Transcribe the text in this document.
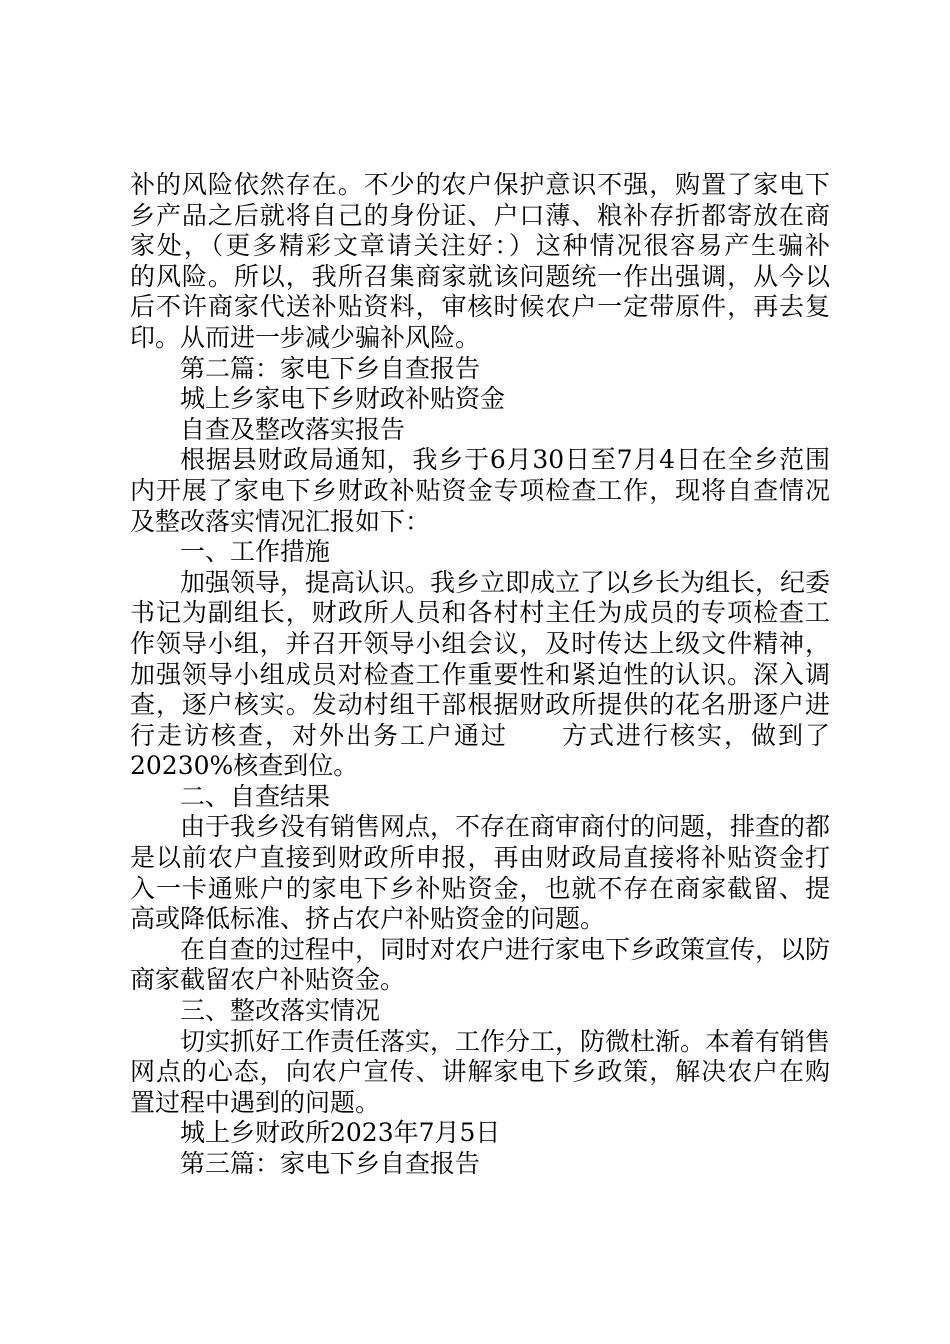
补的风险依然存在。不少的农户保护意识不强，购置了家电下
乡产品之后就将自己的身份证、户口薄、粮补存折都寄放在商
家处，（更多精彩文章请关注好：）这种情况很容易产生骗补
的风险。所以，我所召集商家就该问题统一作出强调，从今以
后不许商家代送补贴资料，审核时候农户一定带原件，再去复
印。从而进一步减少骗补风险。
第二篇：家电下乡自查报告
城上乡家电下乡财政补贴资金
自查及整改落实报告
根据县财政局通知，我乡于6月30日至7月4日在全乡范围
内开展了家电下乡财政补贴资金专项检查工作，现将自查情况
及整改落实情况汇报如下：
一、工作措施
加强领导，提高认识。我乡立即成立了以乡长为组长，纪委
书记为副组长，财政所人员和各村村主任为成员的专项检查工
作领导小组，并召开领导小组会议，及时传达上级文件精神，
加强领导小组成员对检查工作重要性和紧迫性的认识。深入调
查，逐户核实。发动村组干部根据财政所提供的花名册逐户进
行走访核查，对外出务工户通过　　方式进行核实，做到了
20230%核查到位。
二、自查结果
由于我乡没有销售网点，不存在商审商付的问题，排查的都
是以前农户直接到财政所申报，再由财政局直接将补贴资金打
入一卡通账户的家电下乡补贴资金，也就不存在商家截留、提
高或降低标准、挤占农户补贴资金的问题。
在自查的过程中，同时对农户进行家电下乡政策宣传，以防
商家截留农户补贴资金。
三、整改落实情况
切实抓好工作责任落实，工作分工，防微杜渐。本着有销售
网点的心态，向农户宣传、讲解家电下乡政策，解决农户在购
置过程中遇到的问题。
城上乡财政所2023年7月5日
第三篇：家电下乡自查报告
